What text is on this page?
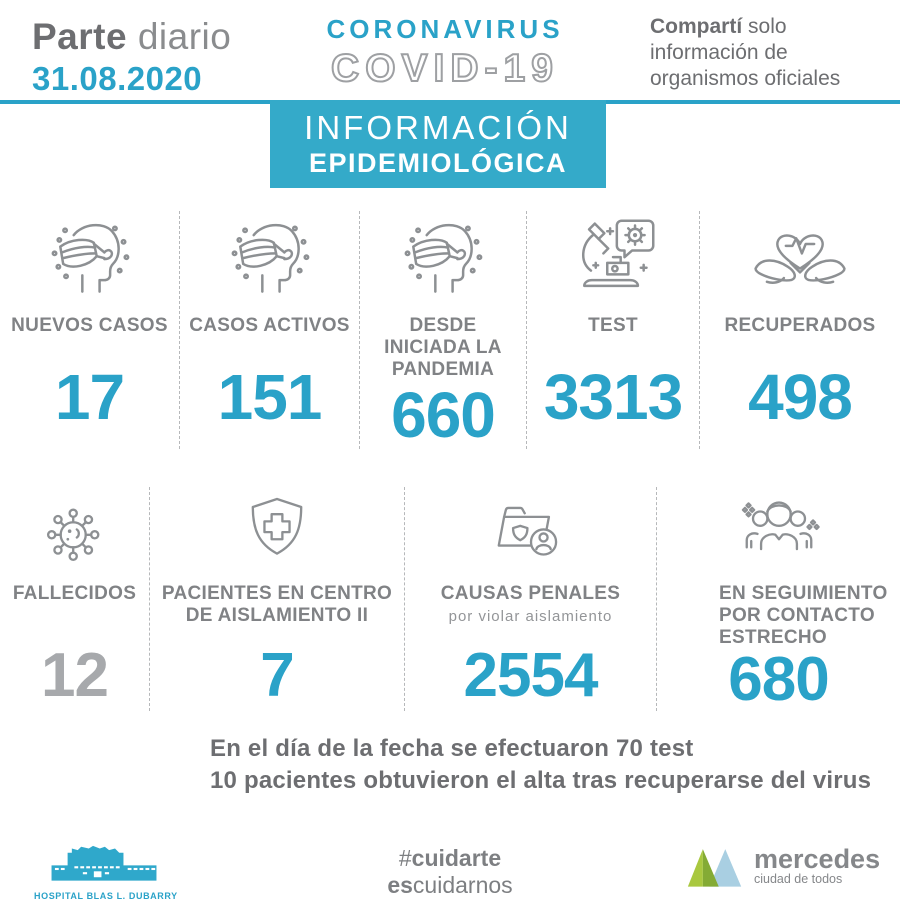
Parte diario
31.08.2020
CORONAVIRUS
COVID-19
Compartí solo
información de
organismos oficiales
INFORMACIÓN
EPIDEMIOLÓGICA
NUEVOS CASOS
17
CASOS ACTIVOS
151
DESDE INICIADA LA PANDEMIA
660
TEST
3313
RECUPERADOS
498
FALLECIDOS
12
PACIENTES EN CENTRO DE AISLAMIENTO II
7
CAUSAS PENALES
por violar aislamiento
2554
EN SEGUIMIENTO POR CONTACTO ESTRECHO
680
En el día de la fecha se efectuaron 70 test
10 pacientes obtuvieron el alta tras recuperarse del virus
HOSPITAL BLAS L. DUBARRY
#cuidarte
escuidarnos
mercedes
ciudad de todos
